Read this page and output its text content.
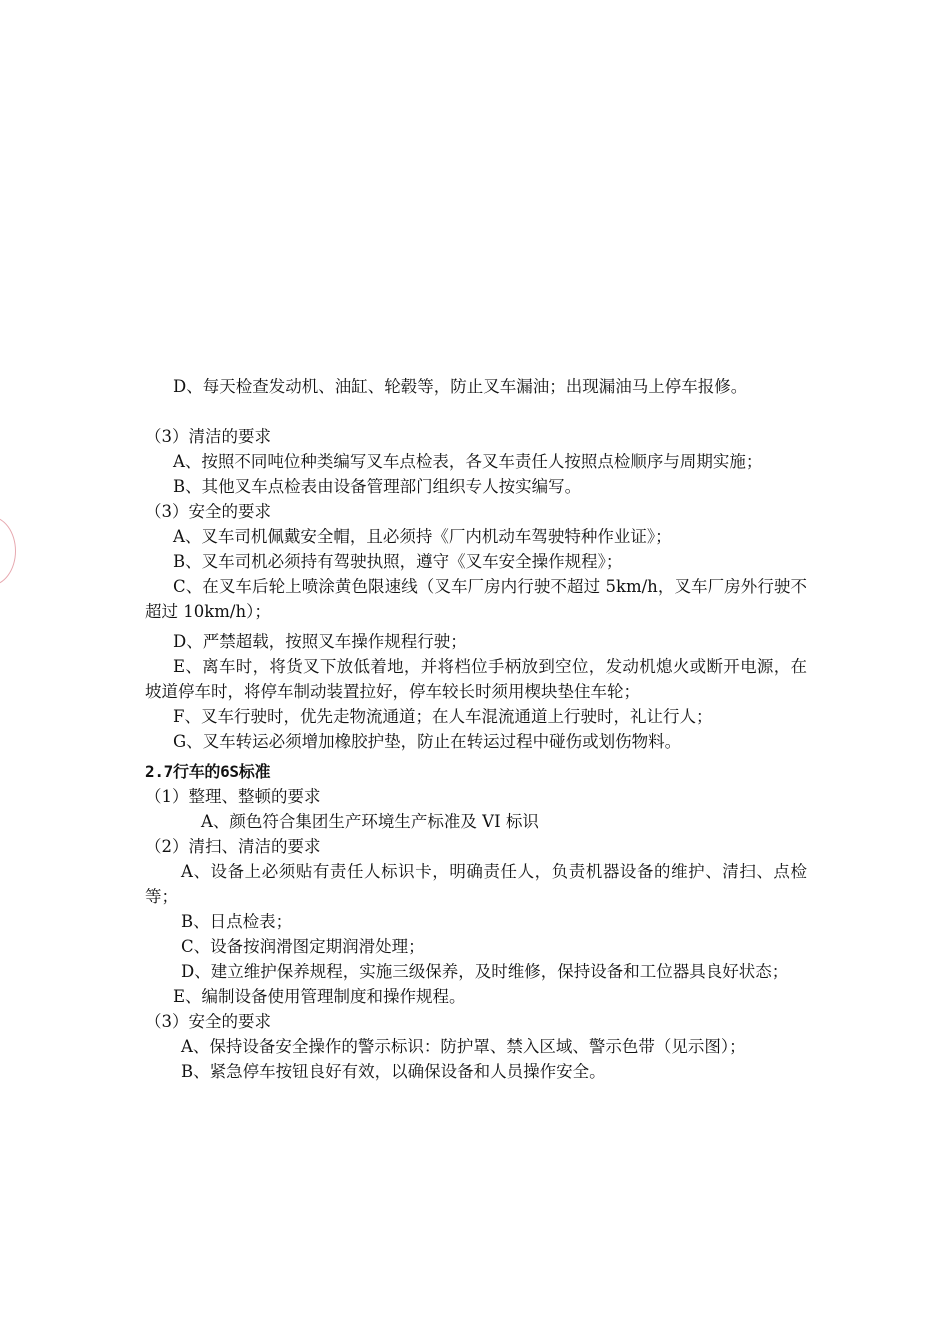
D、每天检查发动机、油缸、轮毂等，防止叉车漏油；出现漏油马上停车报修。

（3）清洁的要求

A、按照不同吨位种类编写叉车点检表，各叉车责任人按照点检顺序与周期实施；

B、其他叉车点检表由设备管理部门组织专人按实编写。

（3）安全的要求

A、叉车司机佩戴安全帽，且必须持《厂内机动车驾驶特种作业证》；

B、叉车司机必须持有驾驶执照，遵守《叉车安全操作规程》；

C、在叉车后轮上喷涂黄色限速线（叉车厂房内行驶不超过 5km/h，叉车厂房外行驶不超过 10km/h）；

D、严禁超载，按照叉车操作规程行驶；

E、离车时，将货叉下放低着地，并将档位手柄放到空位，发动机熄火或断开电源，在坡道停车时，将停车制动装置拉好，停车较长时须用楔块垫住车轮；

F、叉车行驶时，优先走物流通道；在人车混流通道上行驶时，礼让行人；

G、叉车转运必须增加橡胶护垫，防止在转运过程中碰伤或划伤物料。

2.7行车的6S标准

（1）整理、整顿的要求

A、颜色符合集团生产环境生产标准及 VI 标识

（2）清扫、清洁的要求

A、设备上必须贴有责任人标识卡，明确责任人，负责机器设备的维护、清扫、点检等；

B、日点检表；

C、设备按润滑图定期润滑处理；

D、建立维护保养规程，实施三级保养，及时维修，保持设备和工位器具良好状态；

E、编制设备使用管理制度和操作规程。

（3）安全的要求

A、保持设备安全操作的警示标识：防护罩、禁入区域、警示色带（见示图）；

B、紧急停车按钮良好有效，以确保设备和人员操作安全。
